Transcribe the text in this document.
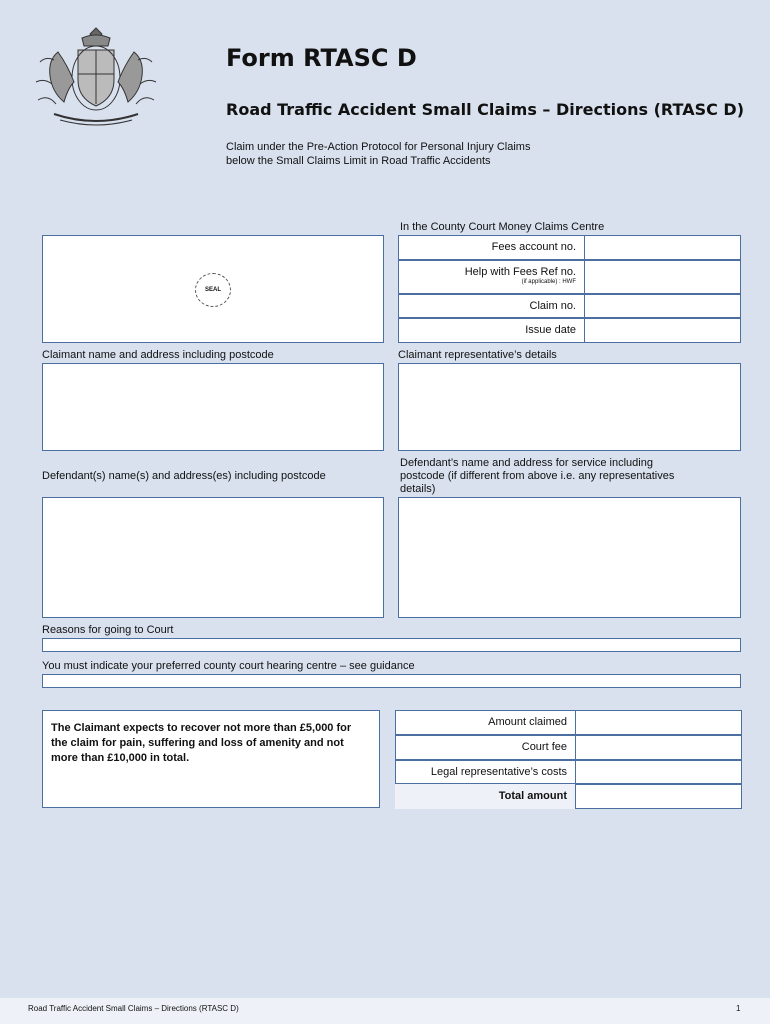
Form RTASC D
Road Traffic Accident Small Claims – Directions (RTASC D)
Claim under the Pre-Action Protocol for Personal Injury Claims
below the Small Claims Limit in Road Traffic Accidents
In the County Court Money Claims Centre
SEAL
Fees account no.
Help with Fees Ref no.
(if applicable) : HWF
Claim no.
Issue date
Claimant name and address including postcode	Claimant representative’s details
Defendant(s) name(s) and address(es) including postcode
Defendant’s name and address for service including
postcode (if different from above i.e. any representatives
details)
Reasons for going to Court
You must indicate your preferred county court hearing centre – see guidance
The Claimant expects to recover not more than £5,000 for the claim for pain, suffering and loss of amenity and not more than £10,000 in total.
Amount claimed
Court fee
Legal representative’s costs
Total amount
Road Traffic Accident Small Claims – Directions (RTASC D)	1
